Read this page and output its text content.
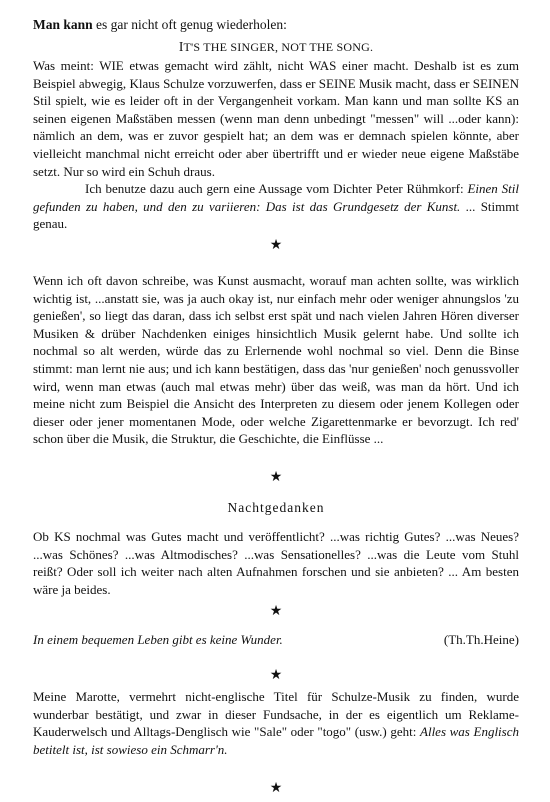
Man kann es gar nicht oft genug wiederholen:

IT'S THE SINGER, NOT THE SONG.

Was meint: WIE etwas gemacht wird zählt, nicht WAS einer macht. Deshalb ist es zum Beispiel abwegig, Klaus Schulze vorzuwerfen, dass er SEINE Musik macht, dass er SEINEN Stil spielt, wie es leider oft in der Vergangenheit vorkam. Man kann und man sollte KS an seinen eigenen Maßstäben messen (wenn man denn unbedingt "messen" will ...oder kann): nämlich an dem, was er zuvor gespielt hat; an dem was er demnach spielen könnte, aber vielleicht manchmal nicht erreicht oder aber übertrifft und er wieder neue eigene Maßstäbe setzt. Nur so wird ein Schuh draus.

Ich benutze dazu auch gern eine Aussage vom Dichter Peter Rühmkorf: Einen Stil gefunden zu haben, und den zu variieren: Das ist das Grundgesetz der Kunst. ... Stimmt genau.

★

Wenn ich oft davon schreibe, was Kunst ausmacht, worauf man achten sollte, was wirklich wichtig ist, ...anstatt sie, was ja auch okay ist, nur einfach mehr oder weniger ahnungslos 'zu genießen', so liegt das daran, dass ich selbst erst spät und nach vielen Jahren Hören diverser Musiken & drüber Nachdenken einiges hinsichtlich Musik gelernt habe. Und sollte ich nochmal so alt werden, würde das zu Erlernende wohl nochmal so viel. Denn die Binse stimmt: man lernt nie aus; und ich kann bestätigen, dass das 'nur genießen' noch genussvoller wird, wenn man etwas (auch mal etwas mehr) über das weiß, was man da hört. Und ich meine nicht zum Beispiel die Ansicht des Interpreten zu diesem oder jenem Kollegen oder dieser oder jener momentanen Mode, oder welche Zigarettenmarke er bevorzugt. Ich red' schon über die Musik, die Struktur, die Geschichte, die Einflüsse ...

★
Nachtgedanken

Ob KS nochmal was Gutes macht und veröffentlicht? ...was richtig Gutes? ...was Neues? ...was Schönes? ...was Altmodisches? ...was Sensationelles? ...was die Leute vom Stuhl reißt? Oder soll ich weiter nach alten Aufnahmen forschen und sie anbieten? ... Am besten wäre ja beides.

★
In einem bequemen Leben gibt es keine Wunder.	(Th.Th.Heine)
★

Meine Marotte, vermehrt nicht-englische Titel für Schulze-Musik zu finden, wurde wunderbar bestätigt, und zwar in dieser Fundsache, in der es eigentlich um Reklame-Kauderwelsch und Alltags-Denglisch wie "Sale" oder "togo" (usw.) geht: Alles was Englisch betitelt ist, ist sowieso ein Schmarr'n.

★
